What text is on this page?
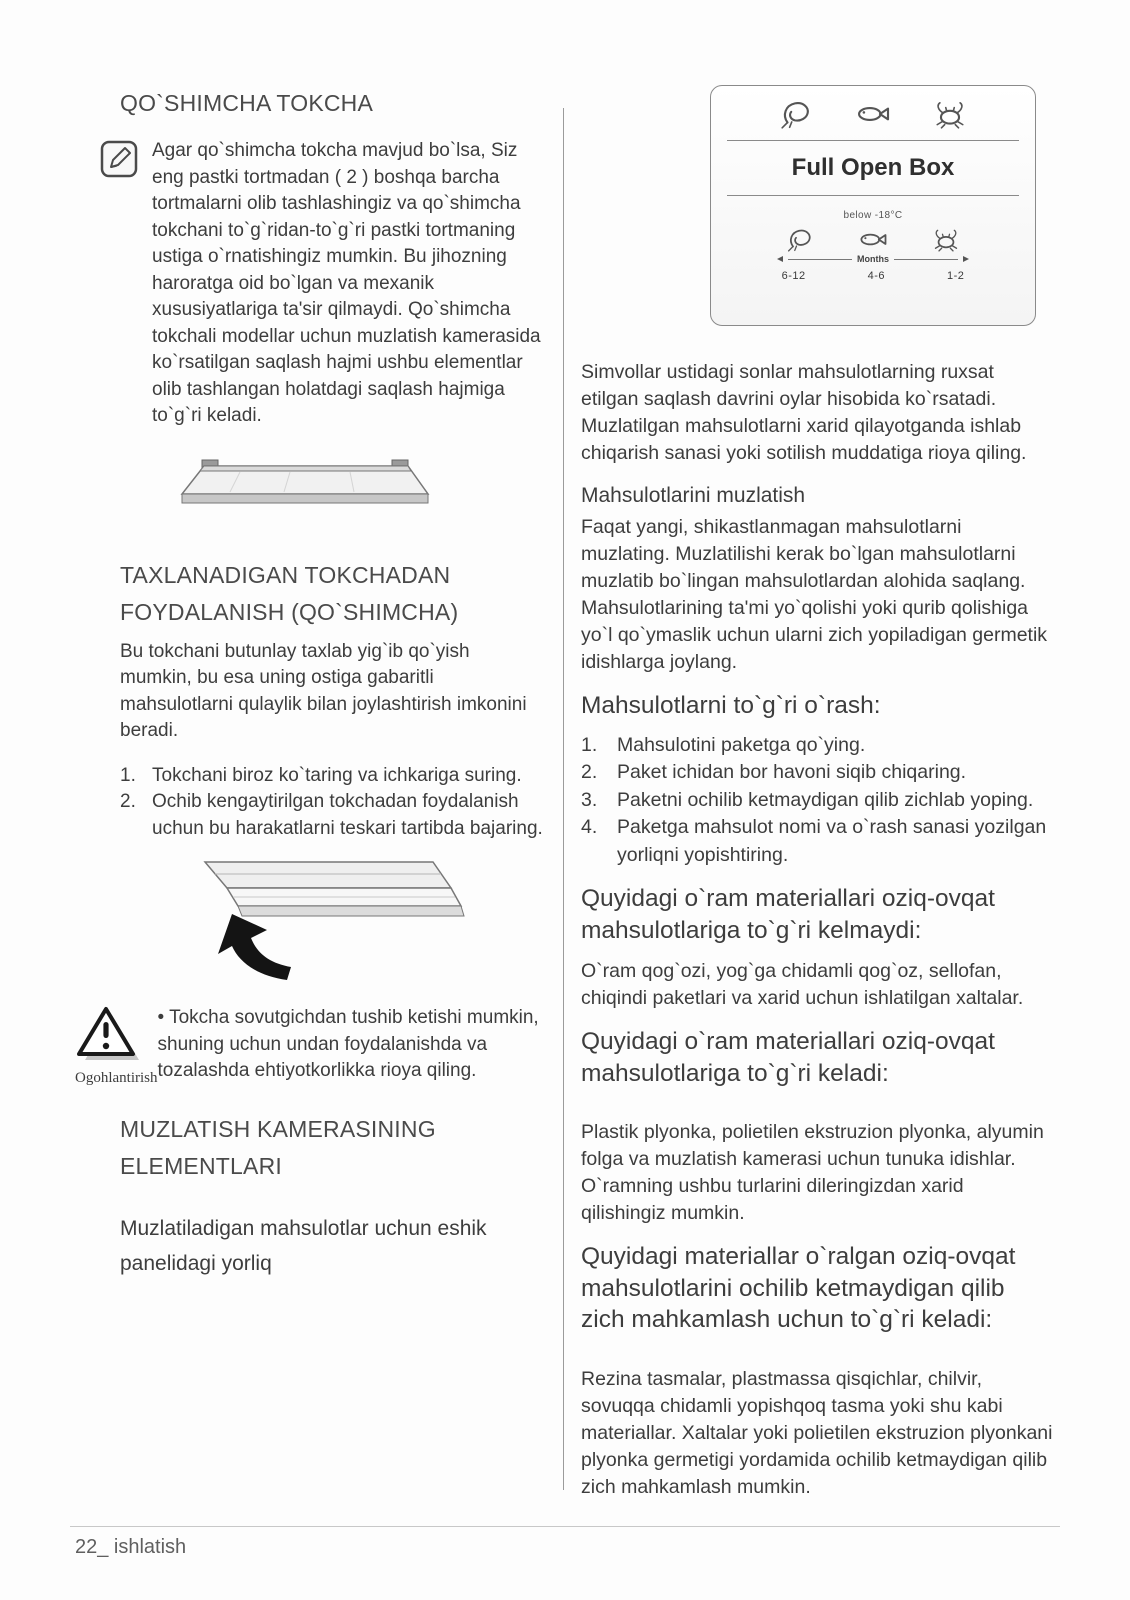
QO`SHIMCHA TOKCHA

Agar qo`shimcha tokcha mavjud bo`lsa, Siz eng pastki tortmadan ( 2 ) boshqa barcha tortmalarni olib tashlashingiz va qo`shimcha tokchani to`g`ridan-to`g`ri pastki tortmaning ustiga o`rnatishingiz mumkin. Bu jihozning haroratga oid bo`lgan va mexanik xususiyatlariga ta'sir qilmaydi. Qo`shimcha tokchali modellar uchun muzlatish kamerasida ko`rsatilgan saqlash hajmi ushbu elementlar olib tashlangan holatdagi saqlash hajmiga to`g`ri keladi.

TAXLANADIGAN TOKCHADAN FOYDALANISH (QO`SHIMCHA)

Bu tokchani butunlay taxlab yig`ib qo`yish mumkin, bu esa uning ostiga gabaritli mahsulotlarni qulaylik bilan joylashtirish imkonini beradi.

1. Tokchani biroz ko`taring va ichkariga suring.
2. Ochib kengaytirilgan tokchadan foydalanish uchun bu harakatlarni teskari tartibda bajaring.
Ogohlantirish

• Tokcha sovutgichdan tushib ketishi mumkin, shuning uchun undan foydalanishda va tozalashda ehtiyotkorlikka rioya qiling.

MUZLATISH KAMERASINING ELEMENTLARI

Muzlatiladigan mahsulotlar uchun eshik panelidagi yorliq

Full Open Box
below -18°C
Months
6-12	4-6	1-2

Simvollar ustidagi sonlar mahsulotlarning ruxsat etilgan saqlash davrini oylar hisobida ko`rsatadi. Muzlatilgan mahsulotlarni xarid qilayotganda ishlab chiqarish sanasi yoki sotilish muddatiga rioya qiling.

Mahsulotlarini muzlatish

Faqat yangi, shikastlanmagan mahsulotlarni muzlating. Muzlatilishi kerak bo`lgan mahsulotlarni muzlatib bo`lingan mahsulotlardan alohida saqlang. Mahsulotlarining ta'mi yo`qolishi yoki qurib qolishiga yo`l qo`ymaslik uchun ularni zich yopiladigan germetik idishlarga joylang.

Mahsulotlarni to`g`ri o`rash:
1.	Mahsulotini paketga qo`ying.
2.	Paket ichidan bor havoni siqib chiqaring.
3.	Paketni ochilib ketmaydigan qilib zichlab yoping.
4.	Paketga mahsulot nomi va o`rash sanasi yozilgan yorliqni yopishtiring.
Quyidagi o`ram materiallari oziq-ovqat mahsulotlariga to`g`ri kelmaydi:

O`ram qog`ozi, yog`ga chidamli qog`oz, sellofan, chiqindi paketlari va xarid uchun ishlatilgan xaltalar.

Quyidagi o`ram materiallari oziq-ovqat mahsulotlariga to`g`ri keladi:

Plastik plyonka, polietilen ekstruzion plyonka, alyumin folga va muzlatish kamerasi uchun tunuka idishlar. O`ramning ushbu turlarini dileringizdan xarid qilishingiz mumkin.

Quyidagi materiallar o`ralgan oziq-ovqat mahsulotlarini ochilib ketmaydigan qilib zich mahkamlash uchun to`g`ri keladi:

Rezina tasmalar, plastmassa qisqichlar, chilvir, sovuqqa chidamli yopishqoq tasma yoki shu kabi materiallar. Xaltalar yoki polietilen ekstruzion plyonkani plyonka germetigi yordamida ochilib ketmaydigan qilib zich mahkamlash mumkin.

22_ ishlatish
